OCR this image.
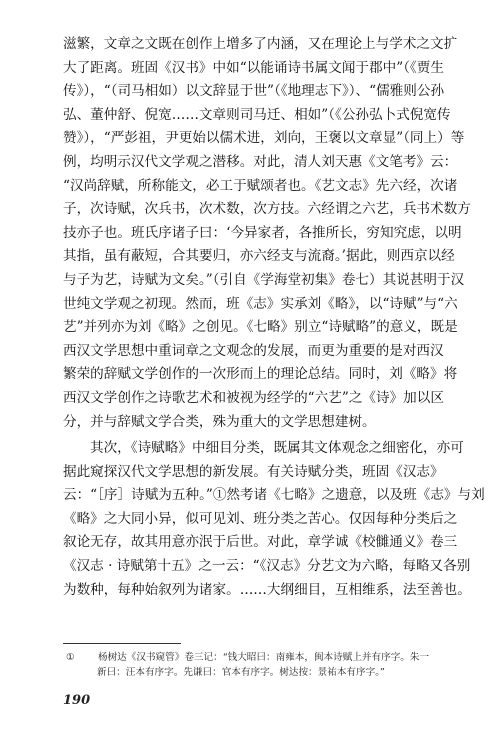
滋繁，文章之文既在创作上增多了内涵，又在理论上与学术之文扩
大了距离。班固《汉书》中如“以能诵诗书属文闻于郡中”（《贾生
传》），“（司马相如）以文辞显于世”（《地理志下》）、“儒雅则公孙
弘、董仲舒、倪宽……文章则司马迁、相如”（《公孙弘卜式倪宽传
赞》），“严彭祖，尹更始以儒术进，刘向，王褒以文章显”（同上）等
例，均明示汉代文学观之潜移。对此，清人刘天惠《文笔考》云：
“汉尚辞赋，所称能文，必工于赋颂者也。《艺文志》先六经，次诸
子，次诗赋，次兵书，次术数，次方技。六经谓之六艺，兵书术数方
技亦子也。班氏序诸子曰：‘今异家者，各推所长，穷知究虑，以明
其指，虽有蔽短，合其要归，亦六经支与流裔。’据此，则西京以经
与子为艺，诗赋为文矣。”（引自《学海堂初集》卷七）其说甚明于汉
世纯文学观之初现。然而，班《志》实承刘《略》，以“诗赋”与“六
艺”并列亦为刘《略》之创见。《七略》别立“诗赋略”的意义，既是
西汉文学思想中重词章之文观念的发展，而更为重要的是对西汉
繁荣的辞赋文学创作的一次形而上的理论总结。同时，刘《略》将
西汉文学创作之诗歌艺术和被视为经学的“六艺”之《诗》加以区
分，并与辞赋文学合类，殊为重大的文学思想建树。
其次，《诗赋略》中细目分类，既属其文体观念之细密化，亦可
据此窥探汉代文学思想的新发展。有关诗赋分类，班固《汉志》
云：“［序］诗赋为五种。”①然考诸《七略》之遗意，以及班《志》与刘
《略》之大同小异，似可见刘、班分类之苦心。仅因每种分类后之
叙论无存，故其用意亦泯于后世。对此，章学诚《校雠通义》卷三
《汉志 · 诗赋第十五》之一云：“《汉志》分艺文为六略，每略又各别
为数种，每种始叙列为诸家。……大纲细目，互相维系，法至善也。
① 杨树达《汉书窥管》卷三记：“钱大昭曰：南雍本，闽本诗赋上并有序字。朱一
新曰：汪本有序字。先谦曰：官本有序字。树达按：景祐本有序字。”
190
